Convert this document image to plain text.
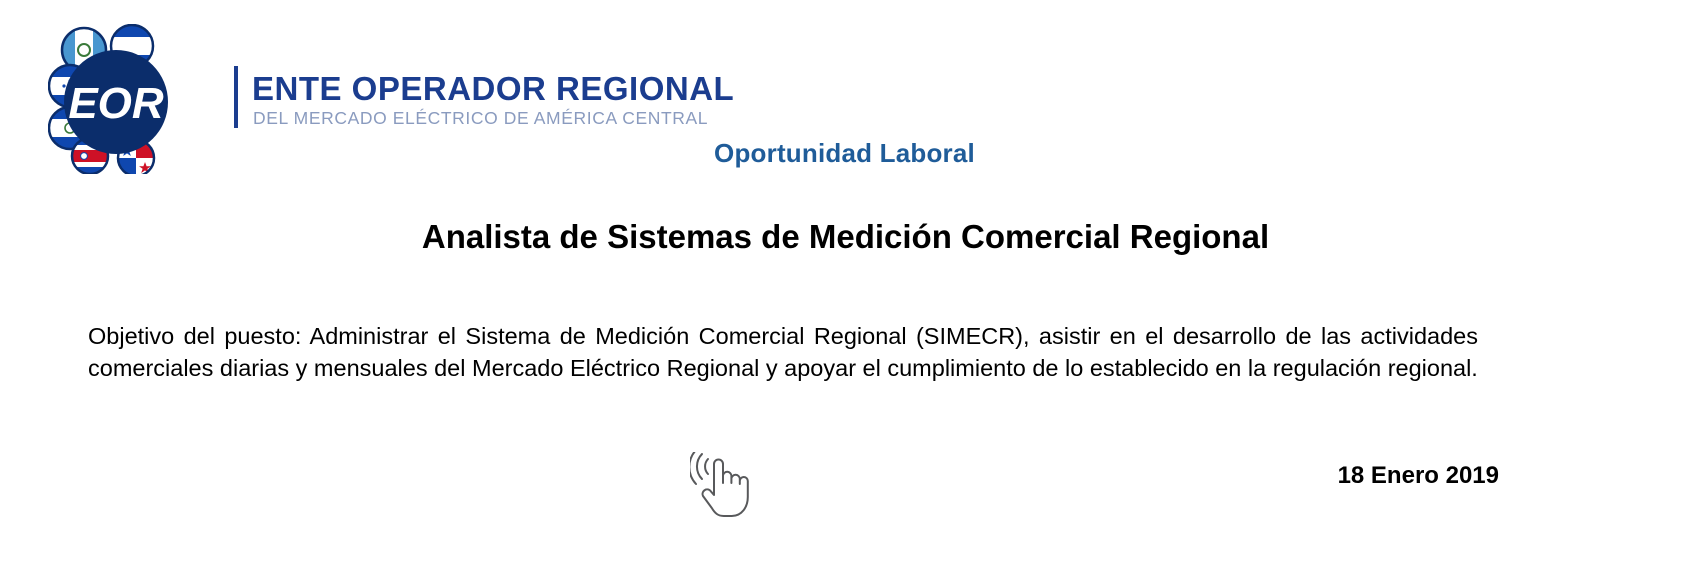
EOR	ENTE OPERADOR REGIONAL
DEL MERCADO ELÉCTRICO DE AMÉRICA CENTRAL
Oportunidad Laboral
Analista de Sistemas de Medición Comercial Regional

Objetivo del puesto: Administrar el Sistema de Medición Comercial Regional (SIMECR), asistir en el desarrollo de las actividades comerciales diarias y mensuales del Mercado Eléctrico Regional y apoyar el cumplimiento de lo establecido en la regulación regional.

18 Enero 2019
